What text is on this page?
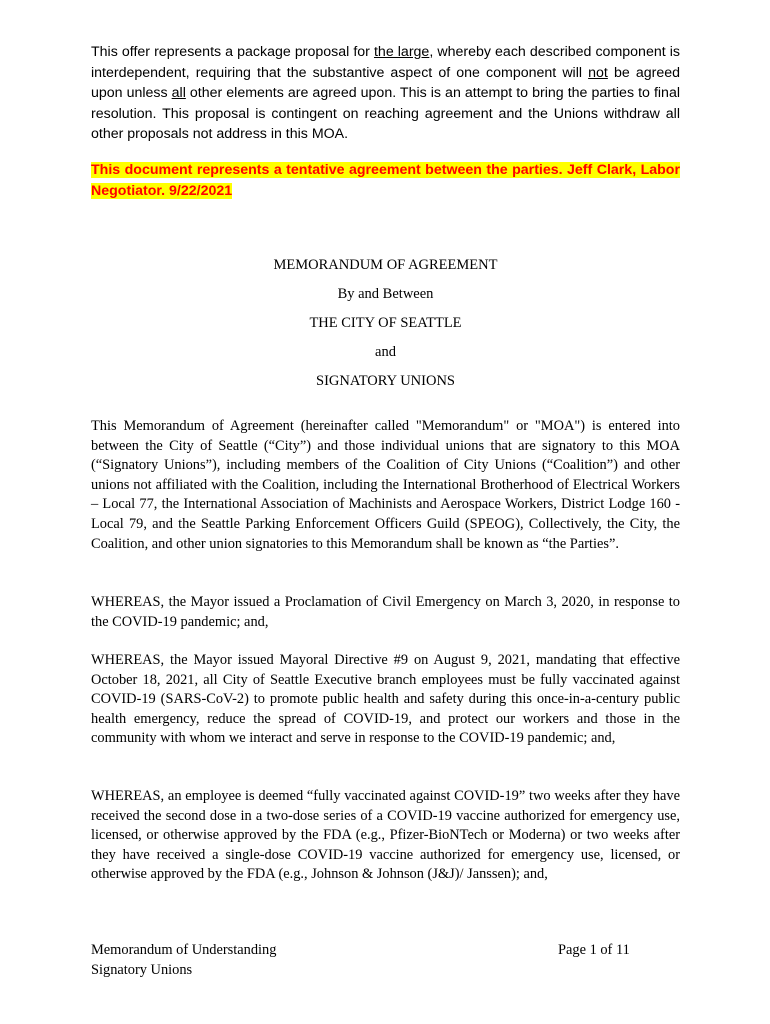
This offer represents a package proposal for the large, whereby each described component is interdependent, requiring that the substantive aspect of one component will not be agreed upon unless all other elements are agreed upon. This is an attempt to bring the parties to final resolution. This proposal is contingent on reaching agreement and the Unions withdraw all other proposals not address in this MOA.

This document represents a tentative agreement between the parties. Jeff Clark, Labor Negotiator. 9/22/2021

MEMORANDUM OF AGREEMENT
By and Between
THE CITY OF SEATTLE
and
SIGNATORY UNIONS

This Memorandum of Agreement (hereinafter called "Memorandum" or "MOA") is entered into between the City of Seattle (“City”) and those individual unions that are signatory to this MOA (“Signatory Unions”), including members of the Coalition of City Unions (“Coalition”) and other unions not affiliated with the Coalition, including the International Brotherhood of Electrical Workers – Local 77, the International Association of Machinists and Aerospace Workers, District Lodge 160 - Local 79, and the Seattle Parking Enforcement Officers Guild (SPEOG), Collectively, the City, the Coalition, and other union signatories to this Memorandum shall be known as “the Parties”.

WHEREAS, the Mayor issued a Proclamation of Civil Emergency on March 3, 2020, in response to the COVID-19 pandemic; and,

WHEREAS, the Mayor issued Mayoral Directive #9 on August 9, 2021, mandating that effective October 18, 2021, all City of Seattle Executive branch employees must be fully vaccinated against COVID-19 (SARS-CoV-2) to promote public health and safety during this once-in-a-century public health emergency, reduce the spread of COVID-19, and protect our workers and those in the community with whom we interact and serve in response to the COVID-19 pandemic; and,

WHEREAS, an employee is deemed “fully vaccinated against COVID-19” two weeks after they have received the second dose in a two-dose series of a COVID-19 vaccine authorized for emergency use, licensed, or otherwise approved by the FDA (e.g., Pfizer-BioNTech or Moderna) or two weeks after they have received a single-dose COVID-19 vaccine authorized for emergency use, licensed, or otherwise approved by the FDA (e.g., Johnson & Johnson (J&J)/ Janssen); and,

Memorandum of Understanding
Signatory Unions
Page 1 of 11
